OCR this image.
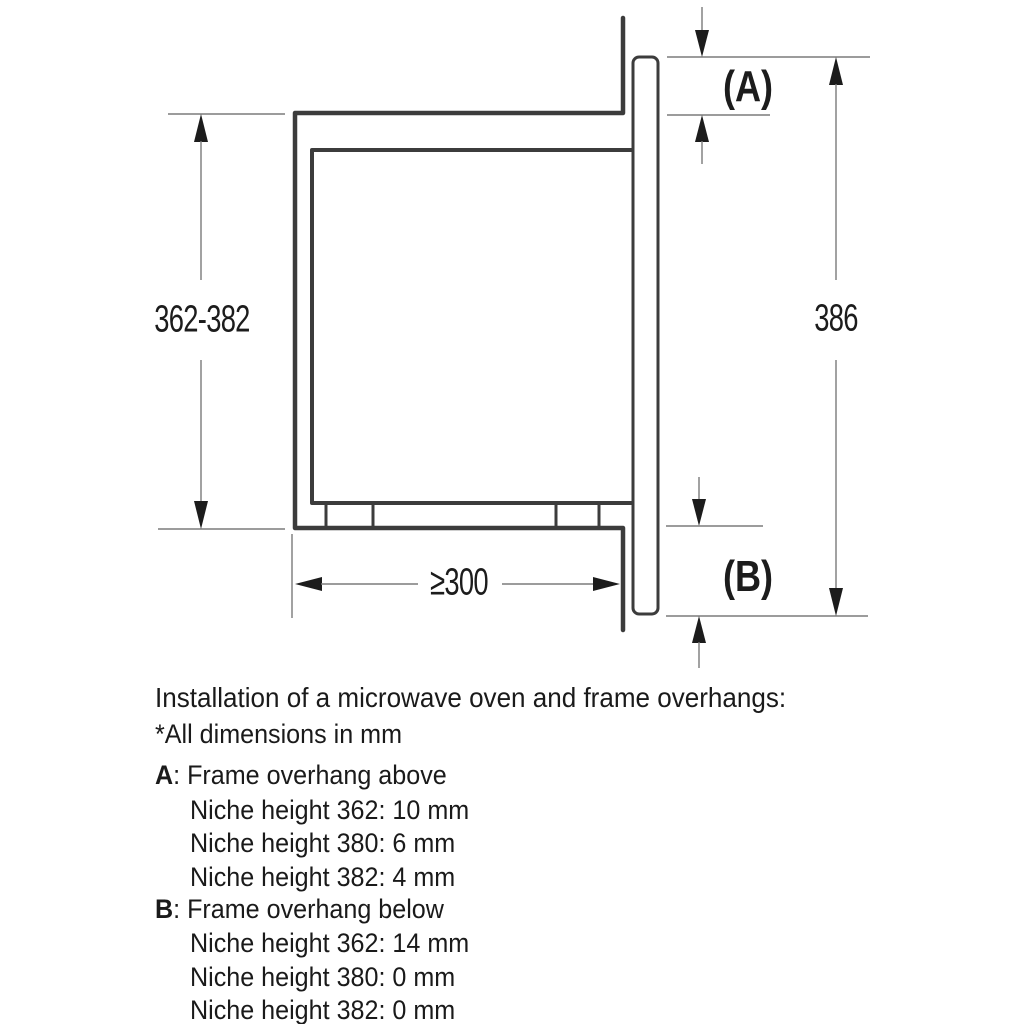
362-382	386
(A)
(B)
≥300
Installation of a microwave oven and frame overhangs:
*All dimensions in mm
A: Frame overhang above
Niche height 362: 10 mm
Niche height 380: 6 mm
Niche height 382: 4 mm
B: Frame overhang below
Niche height 362: 14 mm
Niche height 380: 0 mm
Niche height 382: 0 mm
